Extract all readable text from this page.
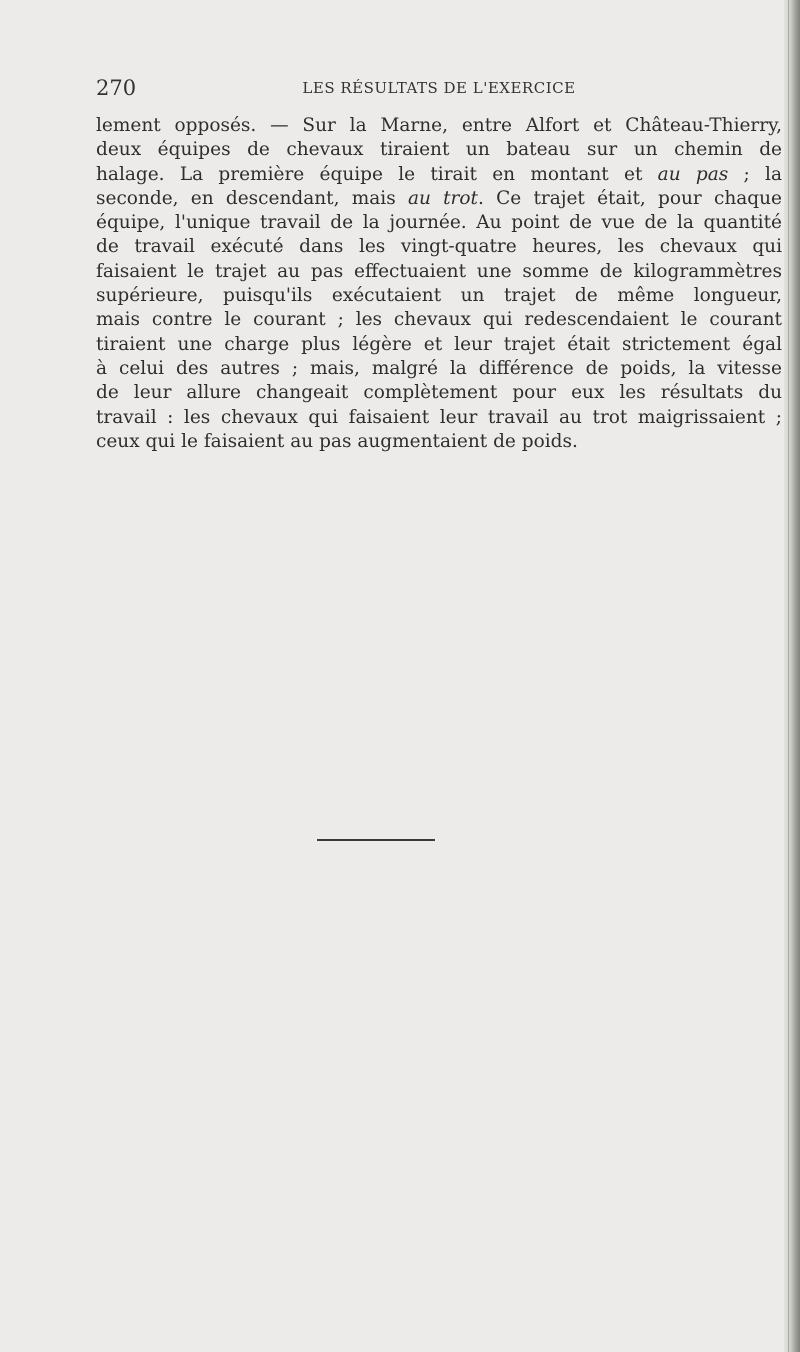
270	LES RÉSULTATS DE L'EXERCICE
lement opposés. — Sur la Marne, entre Alfort et Château-Thierry,
deux équipes de chevaux tiraient un bateau sur un chemin de
halage. La première équipe le tirait en montant et au pas ; la
seconde, en descendant, mais au trot. Ce trajet était, pour chaque
équipe, l'unique travail de la journée. Au point de vue de la quantité
de travail exécuté dans les vingt-quatre heures, les chevaux qui
faisaient le trajet au pas effectuaient une somme de kilogrammètres
supérieure, puisqu'ils exécutaient un trajet de même longueur,
mais contre le courant ; les chevaux qui redescendaient le courant
tiraient une charge plus légère et leur trajet était strictement égal
à celui des autres ; mais, malgré la différence de poids, la vitesse
de leur allure changeait complètement pour eux les résultats du
travail : les chevaux qui faisaient leur travail au trot maigrissaient ;
ceux qui le faisaient au pas augmentaient de poids.
